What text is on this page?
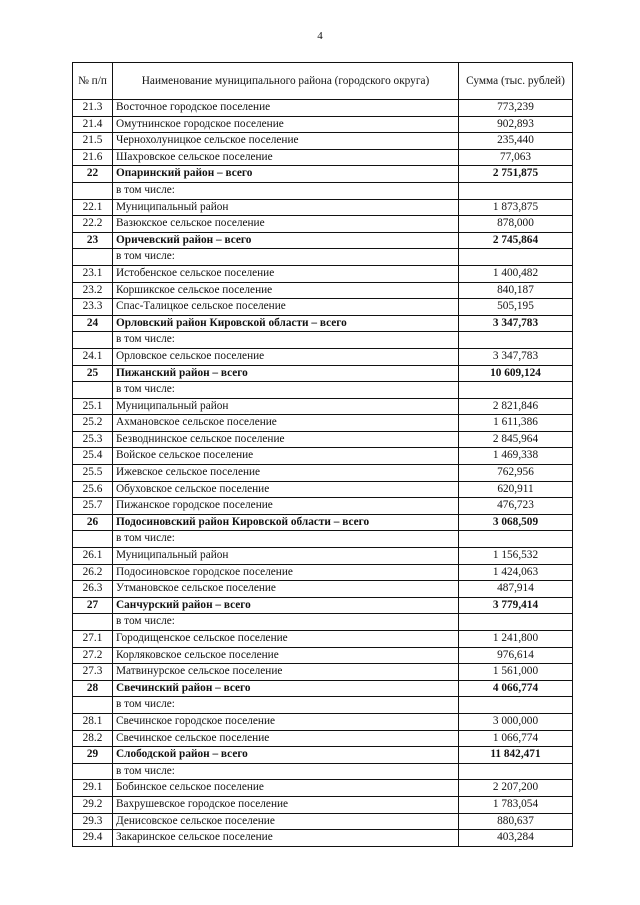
4
№ п/п	Наименование муниципального района (городского округа)	Сумма (тыс. рублей)
21.3	Восточное городское поселение	773,239
21.4	Омутнинское городское поселение	902,893
21.5	Чернохолуницкое сельское поселение	235,440
21.6	Шахровское сельское поселение	77,063
22	Опаринский район – всего	2 751,875
	в том числе:	
22.1	Муниципальный район	1 873,875
22.2	Вазюкское сельское поселение	878,000
23	Оричевский район – всего	2 745,864
	в том числе:	
23.1	Истобенское сельское поселение	1 400,482
23.2	Коршикское сельское поселение	840,187
23.3	Спас-Талицкое сельское поселение	505,195
24	Орловский район Кировской области – всего	3 347,783
	в том числе:	
24.1	Орловское сельское поселение	3 347,783
25	Пижанский район – всего	10 609,124
	в том числе:	
25.1	Муниципальный район	2 821,846
25.2	Ахмановское сельское поселение	1 611,386
25.3	Безводнинское сельское поселение	2 845,964
25.4	Войское сельское поселение	1 469,338
25.5	Ижевское сельское поселение	762,956
25.6	Обуховское сельское поселение	620,911
25.7	Пижанское городское поселение	476,723
26	Подосиновский район Кировской области – всего	3 068,509
	в том числе:	
26.1	Муниципальный район	1 156,532
26.2	Подосиновское городское поселение	1 424,063
26.3	Утмановское сельское поселение	487,914
27	Санчурский район – всего	3 779,414
	в том числе:	
27.1	Городищенское сельское поселение	1 241,800
27.2	Корляковское сельское поселение	976,614
27.3	Матвинурское сельское поселение	1 561,000
28	Свечинский район – всего	4 066,774
	в том числе:	
28.1	Свечинское городское поселение	3 000,000
28.2	Свечинское сельское поселение	1 066,774
29	Слободской район – всего	11 842,471
	в том числе:	
29.1	Бобинское сельское поселение	2 207,200
29.2	Вахрушевское городское поселение	1 783,054
29.3	Денисовское сельское поселение	880,637
29.4	Закаринское сельское поселение	403,284
